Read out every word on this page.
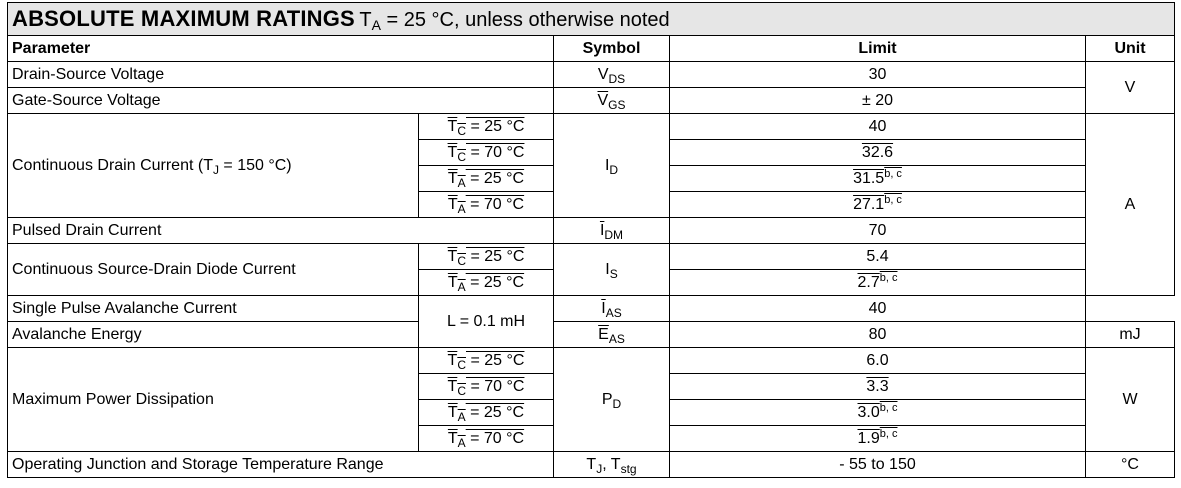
ABSOLUTE MAXIMUM RATINGS $T_A = 25$ °C, unless otherwise noted				
Parameter		Symbol	Limit	Unit
Drain-Source Voltage		$V_{DS}$	30	V
Gate-Source Voltage		$\overline{V}_{GS}$	± 20	
Continuous Drain Current ($T_J = 150$ °C)	$T_C = 25$ °C	$I_D$	40	A
	$T_C = 70$ °C		32.6	
	$T_A = 25$ °C		31.5$^{b, c}$
	$T_A = 70$ °C		27.1$^{b, c}$
Pulsed Drain Current		$\overline{I}_{DM}$	70	
Continuous Source-Drain Diode Current	$T_C = 25$ °C	$I_S$	5.4	
	$T_A = 25$ °C		2.7$^{b, c}$
Single Pulse Avalanche Current	L = 0.1 mH	$\overline{I}_{AS}$	40	
Avalanche Energy		$\overline{E}_{AS}$	80	mJ
Maximum Power Dissipation	$T_C = 25$ °C	$P_D$	6.0	W
	$T_C = 70$ °C		3.3	
	$T_A = 25$ °C		3.0$^{b, c}$
	$T_A = 70$ °C		1.9$^{b, c}$
Operating Junction and Storage Temperature Range		$T_J$, $T_{stg}$	- 55 to 150	°C
